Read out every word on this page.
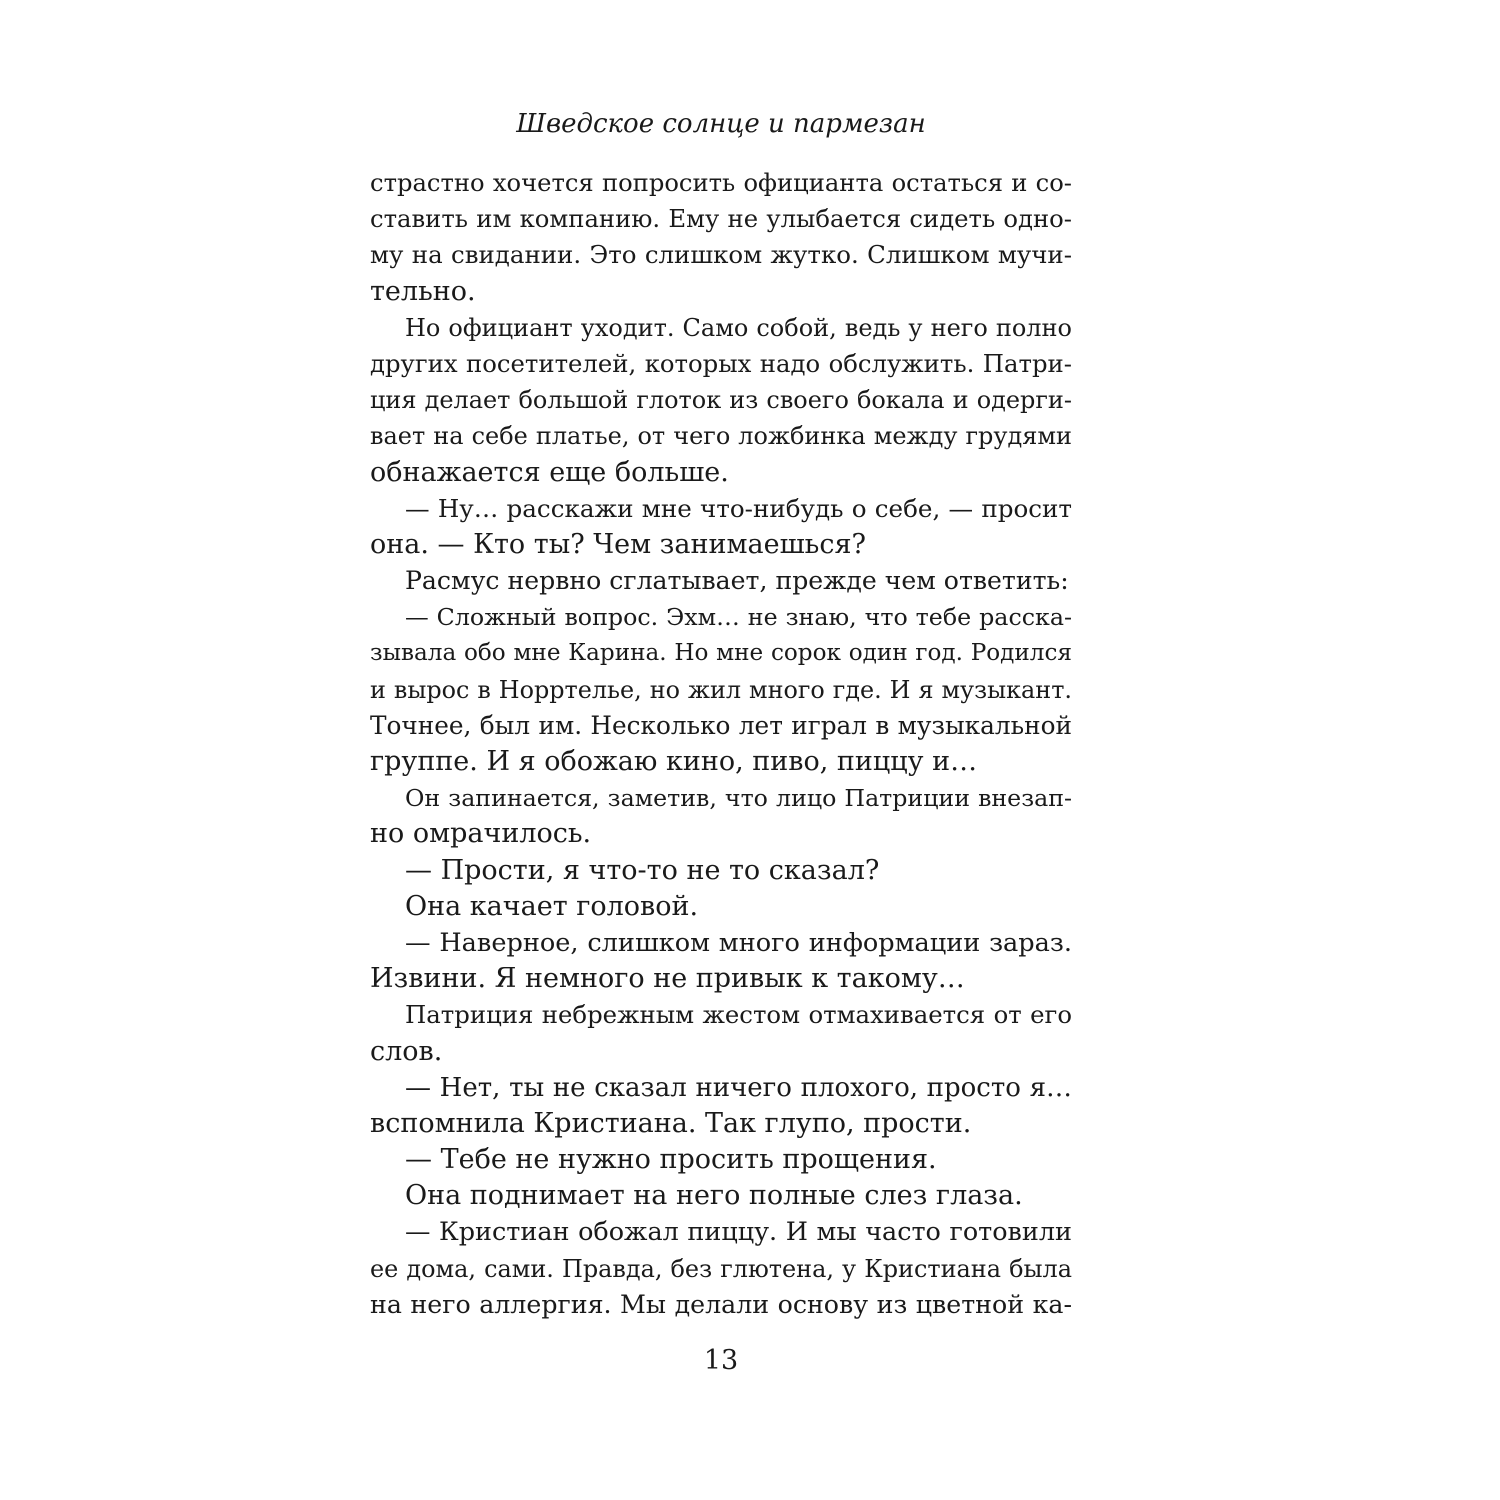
Шведское солнце и пармезан
страстно хочется попросить официанта остаться и со-
ставить им компанию. Ему не улыбается сидеть одно-
му на свидании. Это слишком жутко. Слишком мучи-
тельно.
Но официант уходит. Само собой, ведь у него полно
других посетителей, которых надо обслужить. Патри-
ция делает большой глоток из своего бокала и одерги-
вает на себе платье, от чего ложбинка между грудями
обнажается еще больше.
— Ну… расскажи мне что-нибудь о себе, — просит
она. — Кто ты? Чем занимаешься?
Расмус нервно сглатывает, прежде чем ответить:
— Сложный вопрос. Эхм… не знаю, что тебе расска-
зывала обо мне Карина. Но мне сорок один год. Родился
и вырос в Норртелье, но жил много где. И я музыкант.
Точнее, был им. Несколько лет играл в музыкальной
группе. И я обожаю кино, пиво, пиццу и…
Он запинается, заметив, что лицо Патриции внезап-
но омрачилось.
— Прости, я что-то не то сказал?
Она качает головой.
— Наверное, слишком много информации зараз.
Извини. Я немного не привык к такому…
Патриция небрежным жестом отмахивается от его
слов.
— Нет, ты не сказал ничего плохого, просто я…
вспомнила Кристиана. Так глупо, прости.
— Тебе не нужно просить прощения.
Она поднимает на него полные слез глаза.
— Кристиан обожал пиццу. И мы часто готовили
ее дома, сами. Правда, без глютена, у Кристиана была
на него аллергия. Мы делали основу из цветной ка-
13
